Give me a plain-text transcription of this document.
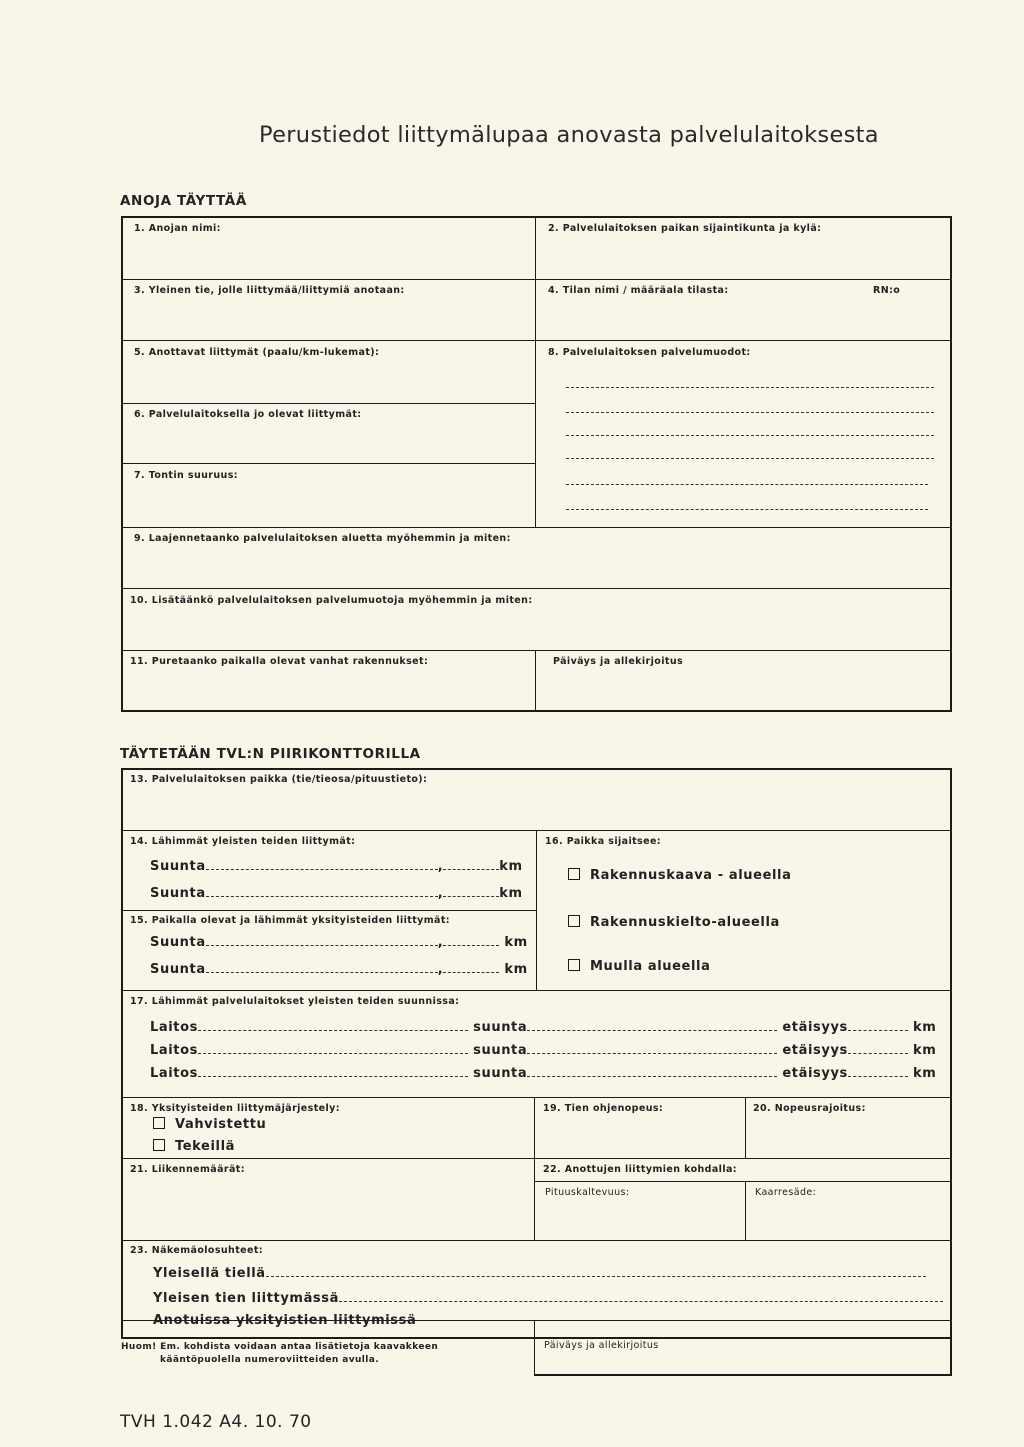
Perustiedot liittymälupaa anovasta palvelulaitoksesta
ANOJA TÄYTTÄÄ
1. Anojan nimi:	2. Palvelulaitoksen paikan sijaintikunta ja kylä:
3. Yleinen tie, jolle liittymää/liittymiä anotaan:	4. Tilan nimi / määräala tilasta:	RN:o
5. Anottavat liittymät (paalu/km-lukemat):	8. Palvelulaitoksen palvelumuodot:
6. Palvelulaitoksella jo olevat liittymät:
7. Tontin suuruus:
9. Laajennetaanko palvelulaitoksen aluetta myöhemmin ja miten:
10. Lisätäänkö palvelulaitoksen palvelumuotoja myöhemmin ja miten:
11. Puretaanko paikalla olevat vanhat rakennukset:	Päiväys ja allekirjoitus
TÄYTETÄÄN TVL:N PIIRIKONTTORILLA
13. Palvelulaitoksen paikka (tie/tieosa/pituustieto):
14. Lähimmät yleisten teiden liittymät:
Suunta	,	km
Suunta	,	km
15. Paikalla olevat ja lähimmät yksityisteiden liittymät:
Suunta	,	km
Suunta	,	km
16. Paikka sijaitsee:
Rakennuskaava - alueella
Rakennuskielto-alueella
Muulla alueella
17. Lähimmät palvelulaitokset yleisten teiden suunnissa:
Laitos	suunta	etäisyys	km
Laitos	suunta	etäisyys	km
Laitos	suunta	etäisyys	km
18. Yksityisteiden liittymäjärjestely:
Vahvistettu
Tekeillä
19. Tien ohjenopeus:	20. Nopeusrajoitus:
21. Liikennemäärät:	22. Anottujen liittymien kohdalla:
Pituuskaltevuus:	Kaarresäde:
23. Näkemäolosuhteet:
Yleisellä tiellä
Yleisen tien liittymässä
Anotuissa yksityistien liittymissä
Huom! Em. kohdista voidaan antaa lisätietoja kaavakkeen
kääntöpuolella numeroviitteiden avulla.
Päiväys ja allekirjoitus
TVH 1.042 A4. 10. 70
